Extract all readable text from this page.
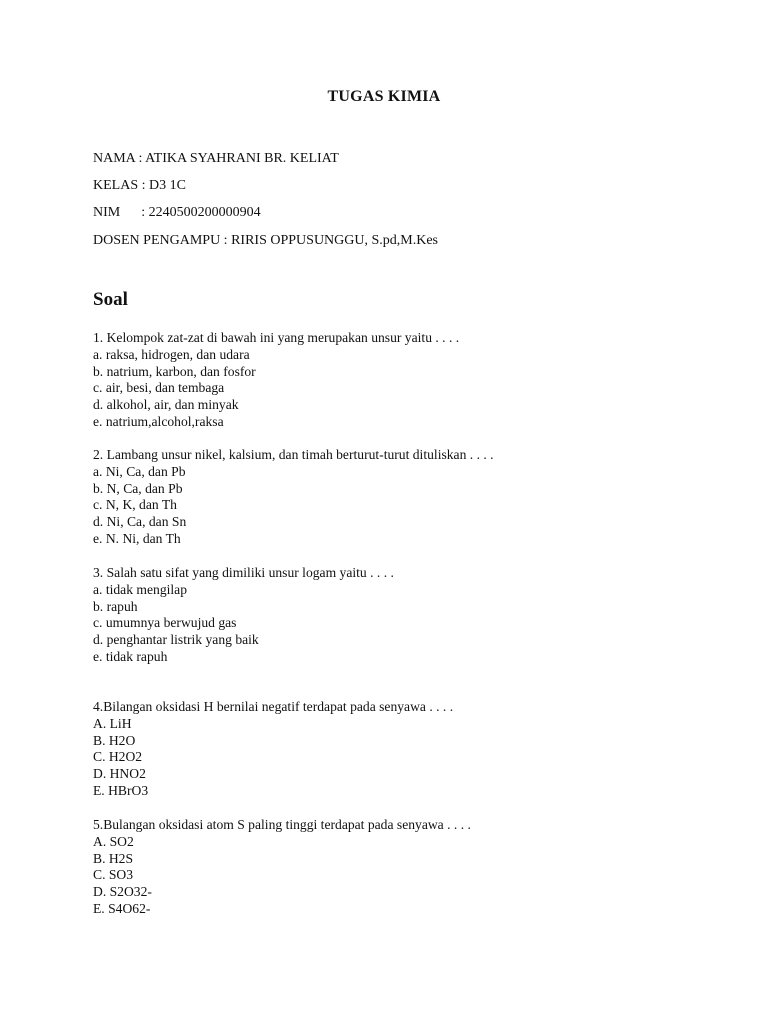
TUGAS KIMIA
NAMA : ATIKA SYAHRANI BR. KELIAT
KELAS : D3 1C
NIM      : 2240500200000904
DOSEN PENGAMPU : RIRIS OPPUSUNGGU, S.pd,M.Kes
Soal
1. Kelompok zat-zat di bawah ini yang merupakan unsur yaitu . . . .
a. raksa, hidrogen, dan udara
b. natrium, karbon, dan fosfor
c. air, besi, dan tembaga
d. alkohol, air, dan minyak
e. natrium,alcohol,raksa
2. Lambang unsur nikel, kalsium, dan timah berturut-turut dituliskan . . . .
a. Ni, Ca, dan Pb
b. N, Ca, dan Pb
c. N, K, dan Th
d. Ni, Ca, dan Sn
e. N. Ni, dan Th
3. Salah satu sifat yang dimiliki unsur logam yaitu . . . .
a. tidak mengilap
b. rapuh
c. umumnya berwujud gas
d. penghantar listrik yang baik
e. tidak rapuh
4.Bilangan oksidasi H bernilai negatif terdapat pada senyawa . . . .
A. LiH
B. H2O
C. H2O2
D. HNO2
E. HBrO3
5.Bulangan oksidasi atom S paling tinggi terdapat pada senyawa . . . .
A. SO2
B. H2S
C. SO3
D. S2O32-
E. S4O62-
